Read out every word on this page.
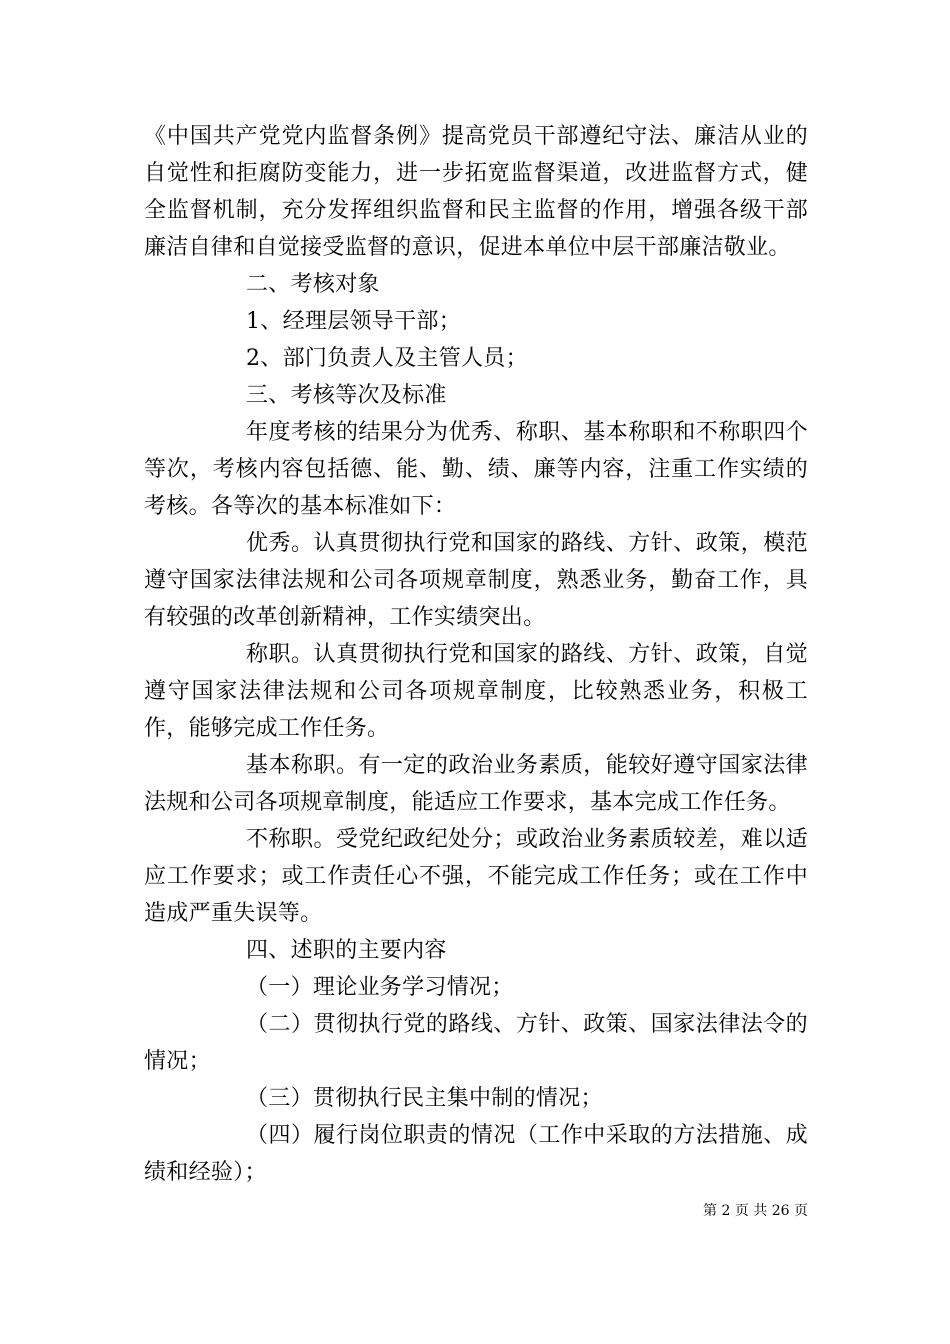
《中国共产党党内监督条例》提高党员干部遵纪守法、廉洁从业的自觉性和拒腐防变能力，进一步拓宽监督渠道，改进监督方式，健全监督机制，充分发挥组织监督和民主监督的作用，增强各级干部廉洁自律和自觉接受监督的意识，促进本单位中层干部廉洁敬业。

二、考核对象

1、经理层领导干部；

2、部门负责人及主管人员；

三、考核等次及标准

年度考核的结果分为优秀、称职、基本称职和不称职四个等次，考核内容包括德、能、勤、绩、廉等内容，注重工作实绩的考核。各等次的基本标准如下：

优秀。认真贯彻执行党和国家的路线、方针、政策，模范遵守国家法律法规和公司各项规章制度，熟悉业务，勤奋工作，具有较强的改革创新精神，工作实绩突出。

称职。认真贯彻执行党和国家的路线、方针、政策，自觉遵守国家法律法规和公司各项规章制度，比较熟悉业务，积极工作，能够完成工作任务。

基本称职。有一定的政治业务素质，能较好遵守国家法律法规和公司各项规章制度，能适应工作要求，基本完成工作任务。

不称职。受党纪政纪处分；或政治业务素质较差，难以适应工作要求；或工作责任心不强，不能完成工作任务；或在工作中造成严重失误等。

四、述职的主要内容

（一）理论业务学习情况；

（二）贯彻执行党的路线、方针、政策、国家法律法令的情况；

（三）贯彻执行民主集中制的情况；

（四）履行岗位职责的情况（工作中采取的方法措施、成绩和经验）；

第 2 页 共 26 页
